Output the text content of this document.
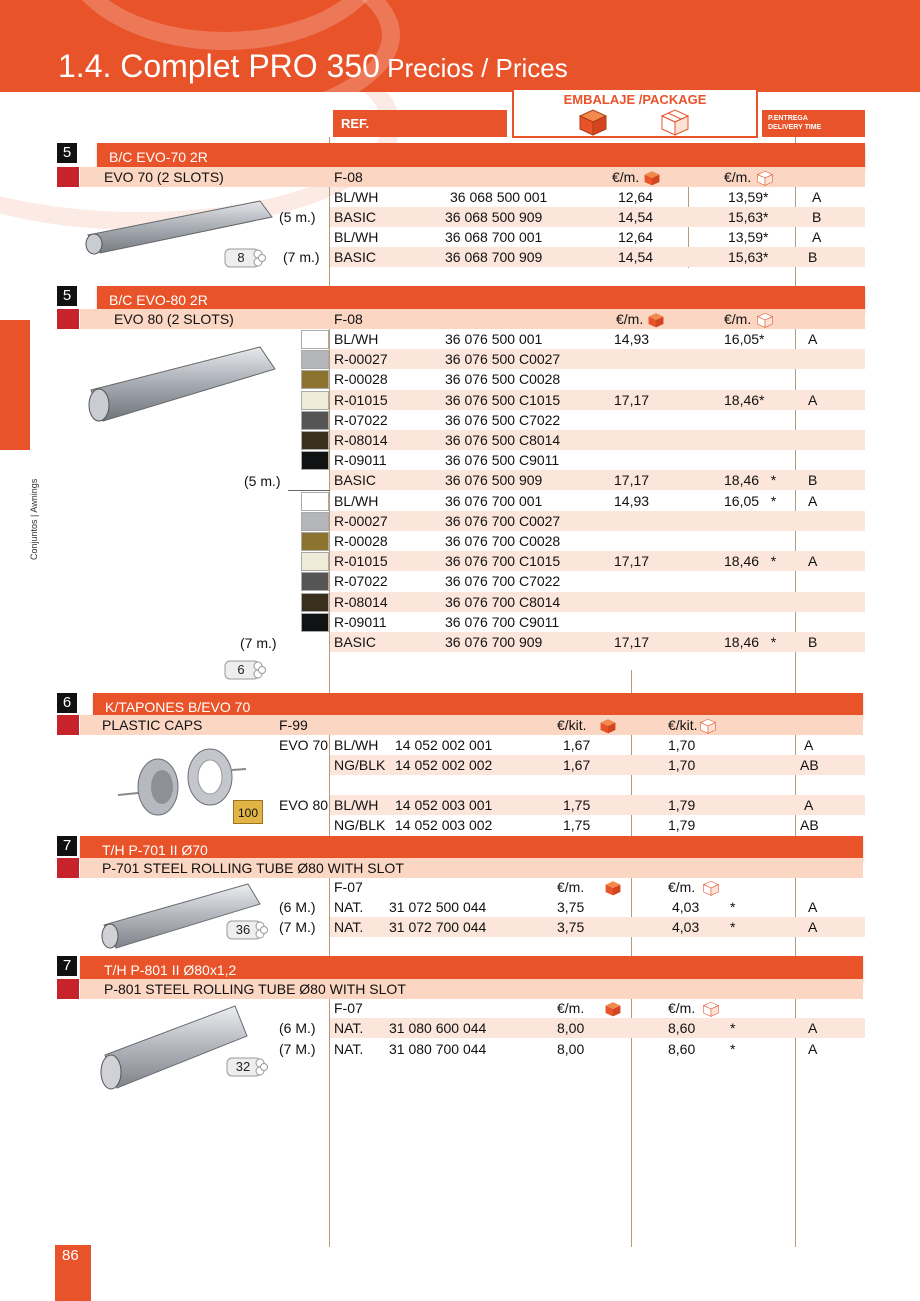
1.4. Complet PRO 350 Precios / Prices
REF.
EMBALAJE /PACKAGE
P.ENTREGA
DELIVERY TIME
Conjuntos | Awnings
5	B/C EVO-70 2R
EVO 70 (2 SLOTS)	F-08	€/m.	€/m.
BL/WH	36 068 500 001	12,64	13,59*	A
(5 m.) BASIC	36 068 500 909	14,54	15,63*	B
BL/WH	36 068 700 001	12,64	13,59*	A
(7 m.) BASIC	36 068 700 909	14,54	15,63*	B
8
5	B/C EVO-80 2R
EVO 80 (2 SLOTS)	F-08	€/m.	€/m.
BL/WH	36 076 500 001	14,93	16,05*	A
R-00027	36 076 500 C0027
R-00028	36 076 500 C0028
R-01015	36 076 500 C1015	17,17	18,46*	A
R-07022	36 076 500 C7022
R-08014	36 076 500 C8014
R-09011	36 076 500 C9011
BASIC	36 076 500 909	17,17	18,46   * B
BL/WH	36 076 700 001	14,93	16,05   * A
R-00027	36 076 700 C0027
R-00028	36 076 700 C0028
R-01015	36 076 700 C1015	17,17	18,46   * A
R-07022	36 076 700 C7022
R-08014	36 076 700 C8014
R-09011	36 076 700 C9011
BASIC	36 076 700 909	17,17	18,46   * B
(5 m.)
(7 m.)
6
6	K/TAPONES B/EVO 70
PLASTIC CAPS	F-99	€/kit.	€/kit.
EVO 70
EVO 80
BL/WH 14 052 002 001	1,67	1,70	A
NG/BLK 14 052 002 002	1,67	1,70	AB
BL/WH 14 052 003 001	1,75	1,79	A
NG/BLK 14 052 003 002	1,75	1,79	AB
100
7	T/H P-701 II Ø70
P-701 STEEL ROLLING TUBE Ø80 WITH SLOT
F-07	€/m.	€/m.
(6 M.) NAT. 31 072 500 044	3,75	4,03 *	A
(7 M.) NAT. 31 072 700 044	3,75	4,03 *	A
36
7	T/H P-801 II Ø80x1,2
P-801 STEEL ROLLING TUBE Ø80 WITH SLOT
F-07	€/m.	€/m.
(6 M.) NAT. 31 080 600 044	8,00	8,60 *	A
(7 M.) NAT. 31 080 700 044	8,00	8,60 *	A
32
86
